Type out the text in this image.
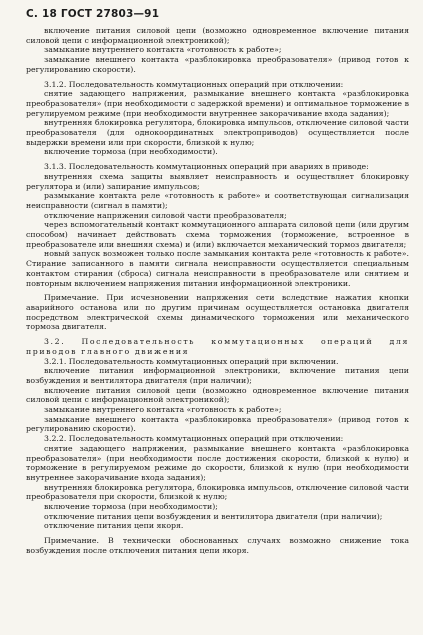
С. 18 ГОСТ 27803—91

включение питания силовой цепи (возможно одновременное включение питания силовой цепи с информационной электроникой);

замыкание внутреннего контакта «готовность к работе»;

замыкание внешнего контакта «разблокировка преобразователя» (привод готов к регулированию скорости).

3.1.2. Последовательность коммутационных операций при отключении:

снятие задающего напряжения, размыкание внешнего контакта «разблокировка преобразователя» (при необходимости с задержкой времени) и оптимальное торможение в регулируемом режиме (при необходимости внутреннее закорачивание входа задания);

внутренняя блокировка регулятора, блокировка импульсов, отключение силовой части преобразователя (для однокоординатных электроприводов) осуществляется после выдержки времени или при скорости, близкой к нулю;

включение тормоза (при необходимости).

3.1.3. Последовательность коммутационных операций при авариях в приводе:

внутренняя схема защиты выявляет неисправность и осуществляет блокировку регулятора и (или) запирание импульсов;

размыкание контакта реле «готовность к работе» и соответствующая сигнализация неисправности (сигнал в памяти);

отключение напряжения силовой части преобразователя;

через вспомогательный контакт коммутационного аппарата силовой цепи (или другим способом) начинает действовать схема торможения (торможение, встроенное в преобразователе или внешняя схема) и (или) включается механический тормоз двигателя;

новый запуск возможен только после замыкания контакта реле «готовность к работе». Стирание записанного в памяти сигнала неисправности осуществляется специальным контактом стирания (сброса) сигнала неисправности в преобразователе или снятием и повторным включением напряжения питания информационной электроники.

Примечание. При исчезновении напряжения сети вследствие нажатия кнопки аварийного останова или по другим причинам осуществляется остановка двигателя посредством электрической схемы динамического торможения или механического тормоза двигателя.

3.2. Последовательность коммутационных операций для приводов главного движения

3.2.1. Последовательность коммутационных операций при включении.

включение питания информационной электроники, включение питания цепи возбуждения и вентилятора двигателя (при наличии);

включение питания силовой цепи (возможно одновременное включение питания силовой цепи с информационной электроникой);

замыкание внутреннего контакта «готовность к работе»;

замыкание внешнего контакта «разблокировка преобразователя» (привод готов к регулированию скорости).

3.2.2. Последовательность коммутационных операций при отключении:

снятие задающего напряжения, размыкание внешнего контакта «разблокировка преобразователя» (при необходимости после достижения скорости, близкой к нулю) и торможение в регулируемом режиме до скорости, близкой к нулю (при необходимости внутреннее закорачивание входа задания);

внутренняя блокировка регулятора, блокировка импульсов, отключение силовой части преобразователя при скорости, близкой к нулю;

включение тормоза (при необходимости);

отключение питания цепи возбуждения и вентилятора двигателя (при наличии);

отключение питания цепи якоря.

Примечание. В технически обоснованных случаях возможно снижение тока возбуждения после отключения питания цепи якоря.
